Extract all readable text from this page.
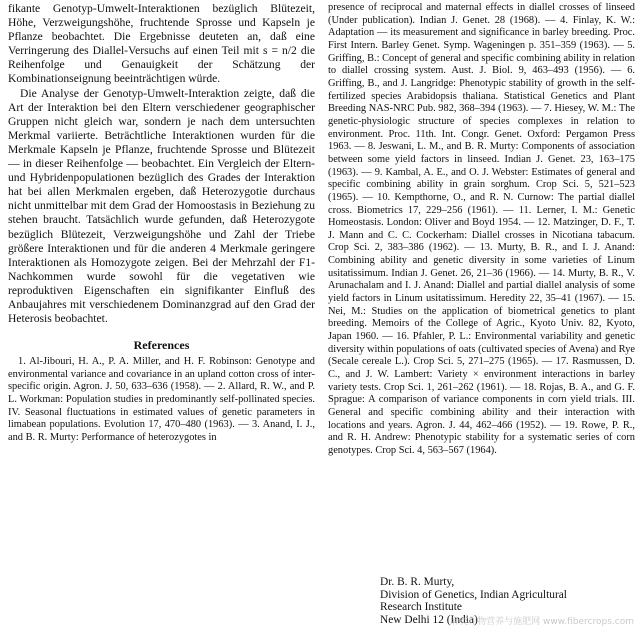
fikante Genotyp-Umwelt-Interaktionen bezüglich Blütezeit, Höhe, Verzweigungshöhe, fruchtende Sprosse und Kapseln je Pflanze beobachtet. Die Ergebnisse deuteten an, daß eine Verringerung des Diallel-Versuchs auf einen Teil mit s = n/2 die Reihenfolge und Genauigkeit der Schätzung der Kombinationseignung beeinträchtigen würde.

Die Analyse der Genotyp-Umwelt-Interaktion zeigte, daß die Art der Interaktion bei den Eltern verschiedener geographischer Gruppen nicht gleich war, sondern je nach dem untersuchten Merkmal variierte. Beträchtliche Interaktionen wurden für die Merkmale Kapseln je Pflanze, fruchtende Sprosse und Blütezeit — in dieser Reihenfolge — beobachtet. Ein Vergleich der Eltern- und Hybridenpopulationen bezüglich des Grades der Interaktion hat bei allen Merkmalen ergeben, daß Heterozygotie durchaus nicht unmittelbar mit dem Grad der Homoostasis in Beziehung zu stehen braucht. Tatsächlich wurde gefunden, daß Heterozygote bezüglich Blütezeit, Verzweigungshöhe und Zahl der Triebe größere Interaktionen und für die anderen 4 Merkmale geringere Interaktionen als Homozygote zeigen. Bei der Mehrzahl der F1-Nachkommen wurde sowohl für die vegetativen wie reproduktiven Eigenschaften ein signifikanter Einfluß des Anbaujahres mit verschiedenem Dominanzgrad auf den Grad der Heterosis beobachtet.

References

1. Al-Jibouri, H. A., P. A. Miller, and H. F. Robinson: Genotype and environmental variance and covariance in an upland cotton cross of inter-specific origin. Agron. J. 50, 633–636 (1958). — 2. Allard, R. W., and P. L. Workman: Population studies in predominantly self-pollinated species. IV. Seasonal fluctuations in estimated values of genetic parameters in limabean populations. Evolution 17, 470–480 (1963). — 3. Anand, I. J., and B. R. Murty: Performance of heterozygotes in

presence of reciprocal and maternal effects in diallel crosses of linseed (Under publication). Indian J. Genet. 28 (1968). — 4. Finlay, K. W.: Adaptation — its measurement and significance in barley breeding. Proc. First Intern. Barley Genet. Symp. Wageningen p. 351–359 (1963). — 5. Griffing, B.: Concept of general and specific combining ability in relation to diallel crossing system. Aust. J. Biol. 9, 463–493 (1956). — 6. Griffing, B., and J. Langridge: Phenotypic stability of growth in the self-fertilized species Arabidopsis thaliana. Statistical Genetics and Plant Breeding NAS-NRC Pub. 982, 368–394 (1963). — 7. Hiesey, W. M.: The genetic-physiologic structure of species complexes in relation to environment. Proc. 11th. Int. Congr. Genet. Oxford: Pergamon Press 1963. — 8. Jeswani, L. M., and B. R. Murty: Components of association between some yield factors in linseed. Indian J. Genet. 23, 163–175 (1963). — 9. Kambal, A. E., and O. J. Webster: Estimates of general and specific combining ability in grain sorghum. Crop Sci. 5, 521–523 (1965). — 10. Kempthorne, O., and R. N. Curnow: The partial diallel cross. Biometrics 17, 229–256 (1961). — 11. Lerner, I. M.: Genetic Homeostasis. London: Oliver and Boyd 1954. — 12. Matzinger, D. F., T. J. Mann and C. C. Cockerham: Diallel crosses in Nicotiana tabacum. Crop Sci. 2, 383–386 (1962). — 13. Murty, B. R., and I. J. Anand: Combining ability and genetic diversity in some varieties of Linum usitatissimum. Indian J. Genet. 26, 21–36 (1966). — 14. Murty, B. R., V. Arunachalam and I. J. Anand: Diallel and partial diallel analysis of some yield factors in Linum usitatissimum. Heredity 22, 35–41 (1967). — 15. Nei, M.: Studies on the application of biometrical genetics to plant breeding. Memoirs of the College of Agric., Kyoto Univ. 82, Kyoto, Japan 1960. — 16. Pfahler, P. L.: Environmental variability and genetic diversity within populations of oats (cultivated species of Avena) and Rye (Secale cereale L.). Crop Sci. 5, 271–275 (1965). — 17. Rasmussen, D. C., and J. W. Lambert: Variety × environment interactions in barley variety tests. Crop Sci. 1, 261–262 (1961). — 18. Rojas, B. A., and G. F. Sprague: A comparison of variance components in corn yield trials. III. General and specific combining ability and their interaction with locations and years. Agron. J. 44, 462–466 (1952). — 19. Rowe, P. R., and R. H. Andrew: Phenotypic stability for a systematic series of corn genotypes. Crop Sci. 4, 563–567 (1964).

Dr. B. R. Murty,
Division of Genetics, Indian Agricultural
Research Institute
New Delhi 12 (India)
麻类作物营养与施肥网 www.fibercrops.com
